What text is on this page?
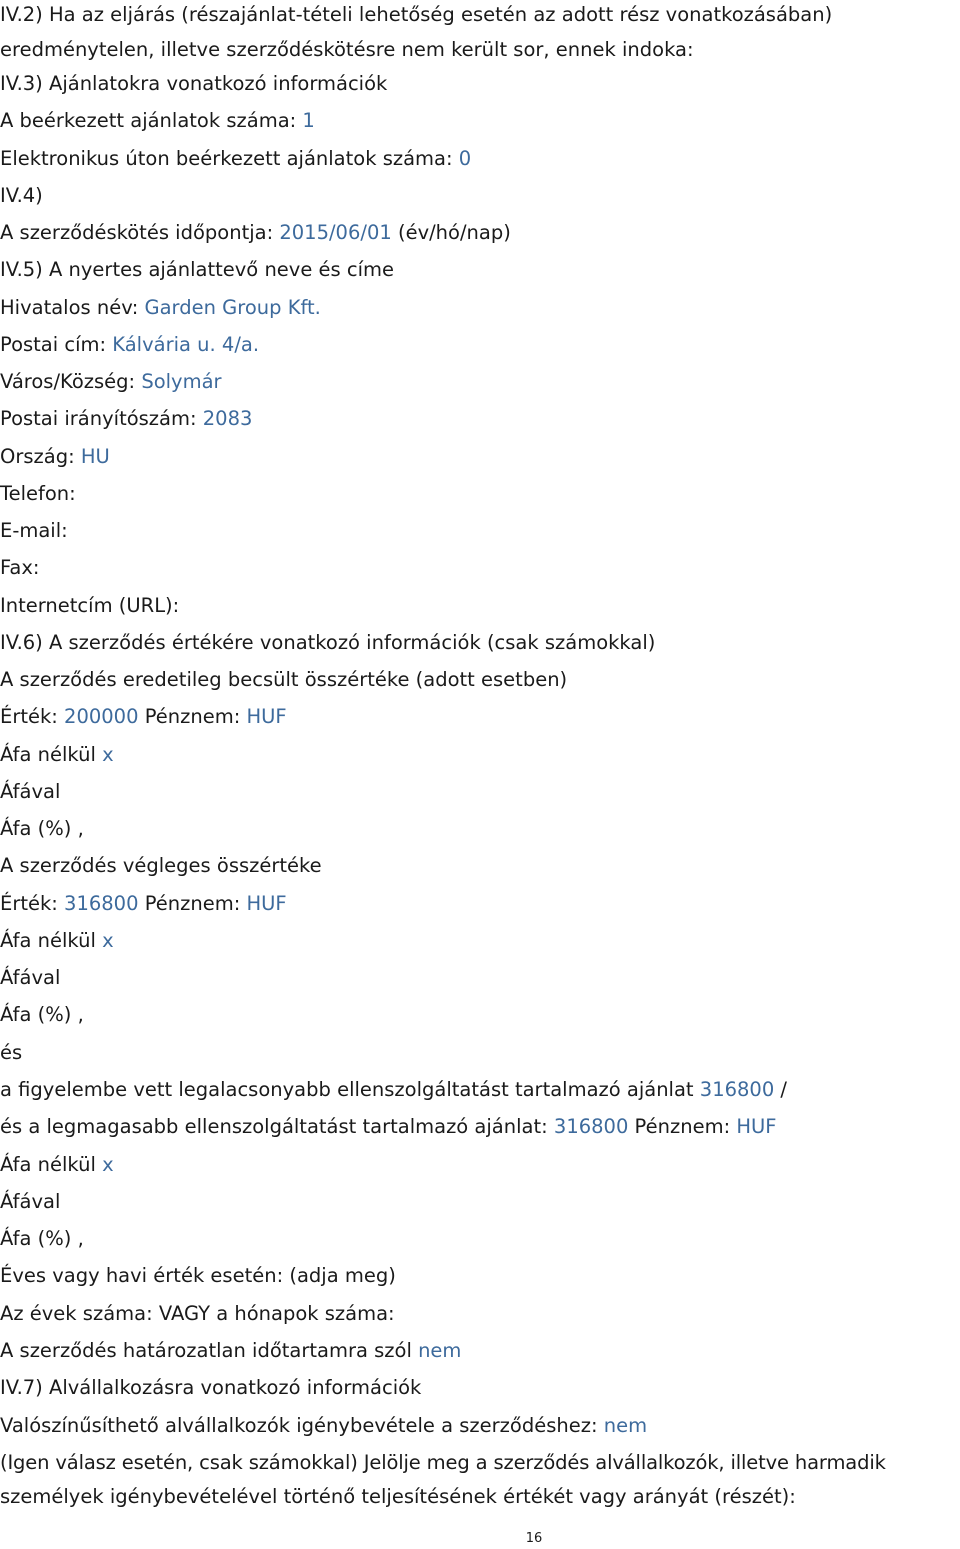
IV.2) Ha az eljárás (részajánlat-tételi lehetőség esetén az adott rész vonatkozásában)
eredménytelen, illetve szerződéskötésre nem került sor, ennek indoka:
IV.3) Ajánlatokra vonatkozó információk
A beérkezett ajánlatok száma: 1
Elektronikus úton beérkezett ajánlatok száma: 0
IV.4)
A szerződéskötés időpontja: 2015/06/01 (év/hó/nap)
IV.5) A nyertes ajánlattevő neve és címe
Hivatalos név: Garden Group Kft.
Postai cím: Kálvária u. 4/a.
Város/Község: Solymár
Postai irányítószám: 2083
Ország: HU
Telefon:
E-mail:
Fax:
Internetcím (URL):
IV.6) A szerződés értékére vonatkozó információk (csak számokkal)
A szerződés eredetileg becsült összértéke (adott esetben)
Érték: 200000 Pénznem: HUF
Áfa nélkül x
Áfával
Áfa (%) ,
A szerződés végleges összértéke
Érték: 316800 Pénznem: HUF
Áfa nélkül x
Áfával
Áfa (%) ,
és
a figyelembe vett legalacsonyabb ellenszolgáltatást tartalmazó ajánlat 316800 /
és a legmagasabb ellenszolgáltatást tartalmazó ajánlat: 316800 Pénznem: HUF
Áfa nélkül x
Áfával
Áfa (%) ,
Éves vagy havi érték esetén: (adja meg)
Az évek száma: VAGY a hónapok száma:
A szerződés határozatlan időtartamra szól nem
IV.7) Alvállalkozásra vonatkozó információk
Valószínűsíthető alvállalkozók igénybevétele a szerződéshez: nem
(Igen válasz esetén, csak számokkal) Jelölje meg a szerződés alvállalkozók, illetve harmadik
személyek igénybevételével történő teljesítésének értékét vagy arányát (részét):
16
